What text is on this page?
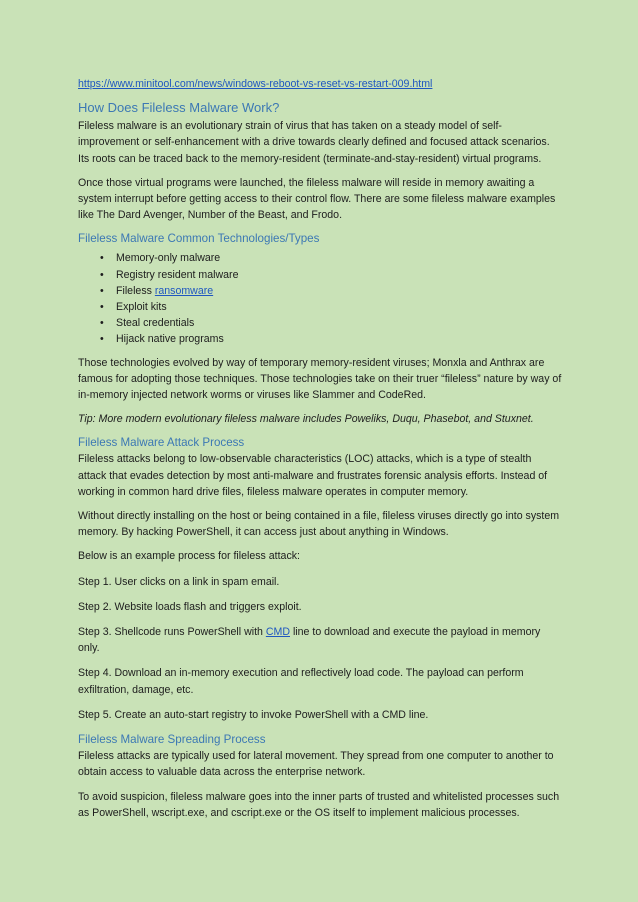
https://www.minitool.com/news/windows-reboot-vs-reset-vs-restart-009.html
How Does Fileless Malware Work?

Fileless malware is an evolutionary strain of virus that has taken on a steady model of self-improvement or self-enhancement with a drive towards clearly defined and focused attack scenarios. Its roots can be traced back to the memory-resident (terminate-and-stay-resident) virtual programs.

Once those virtual programs were launched, the fileless malware will reside in memory awaiting a system interrupt before getting access to their control flow. There are some fileless malware examples like The Dard Avenger, Number of the Beast, and Frodo.

Fileless Malware Common Technologies/Types
• Memory-only malware
• Registry resident malware
• Fileless ransomware
• Exploit kits
• Steal credentials
• Hijack native programs

Those technologies evolved by way of temporary memory-resident viruses; Monxla and Anthrax are famous for adopting those techniques. Those technologies take on their truer “fileless” nature by way of in-memory injected network worms or viruses like Slammer and CodeRed.

Tip: More modern evolutionary fileless malware includes Poweliks, Duqu, Phasebot, and Stuxnet.

Fileless Malware Attack Process

Fileless attacks belong to low-observable characteristics (LOC) attacks, which is a type of stealth attack that evades detection by most anti-malware and frustrates forensic analysis efforts. Instead of working in common hard drive files, fileless malware operates in computer memory.

Without directly installing on the host or being contained in a file, fileless viruses directly go into system memory. By hacking PowerShell, it can access just about anything in Windows.

Below is an example process for fileless attack:

Step 1. User clicks on a link in spam email.

Step 2. Website loads flash and triggers exploit.

Step 3. Shellcode runs PowerShell with CMD line to download and execute the payload in memory only.

Step 4. Download an in-memory execution and reflectively load code. The payload can perform exfiltration, damage, etc.

Step 5. Create an auto-start registry to invoke PowerShell with a CMD line.

Fileless Malware Spreading Process

Fileless attacks are typically used for lateral movement. They spread from one computer to another to obtain access to valuable data across the enterprise network.

To avoid suspicion, fileless malware goes into the inner parts of trusted and whitelisted processes such as PowerShell, wscript.exe, and cscript.exe or the OS itself to implement malicious processes.
